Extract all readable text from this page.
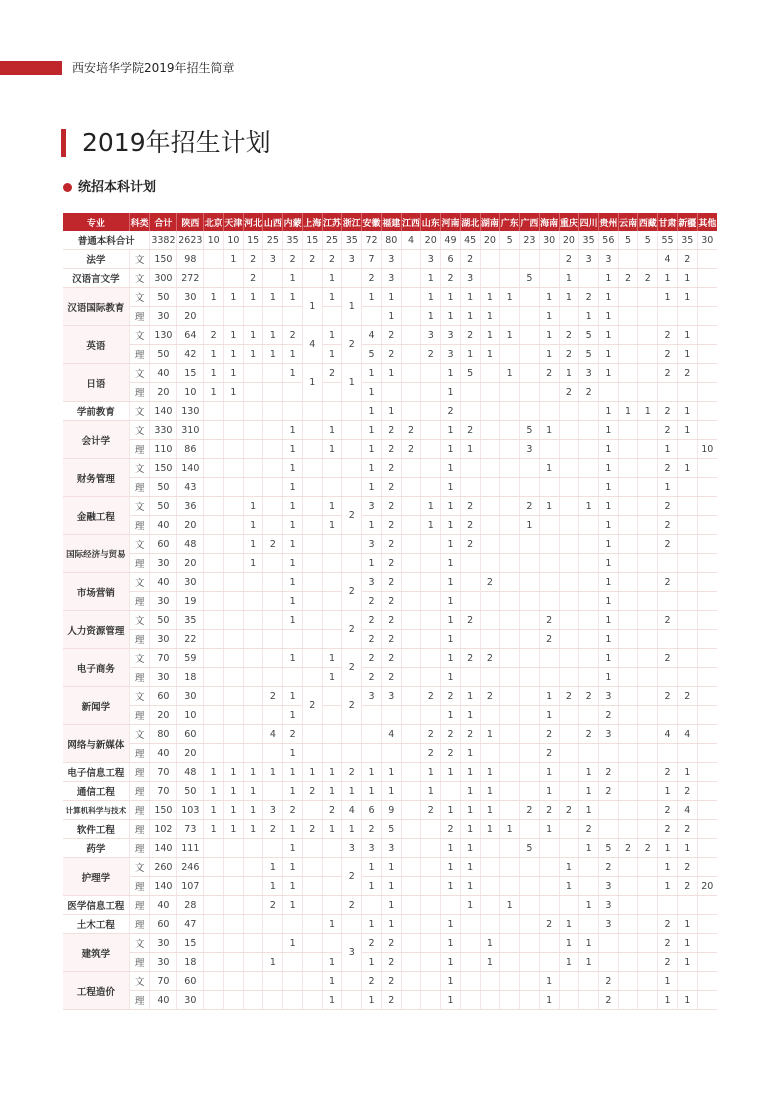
西安培华学院2019年招生简章
2019年招生计划
统招本科计划
专业	科类	合计	陕西	北京	天津	河北	山西	内蒙	上海	江苏	浙江	安徽	福建	江西	山东	河南	湖北	湖南	广东	广西	海南	重庆	四川	贵州	云南	西藏	甘肃	新疆	其他
普通本科合计		3382	2623	10	10	15	25	35	15	25	35	72	80	4	20	49	45	20	5	23	30	20	35	56	5	5	55	35	30
法学	文	150	98		1	2	3	2	2	2	3	7	3		3	6	2					2	3	3			4	2	
汉语言文学	文	300	272			2		1		1		2	3		1	2	3			5		1		1	2	2	1	1	
汉语国际教育	文	50	30	1	1	1	1	1	1	1	1	1	1		1	1	1	1	1		1	1	2	1			1	1	
	理	30	20										1		1	1	1	1			1		1	1					
英语	文	130	64	2	1	1	1	2	4	1	2	4	2		3	3	2	1	1		1	2	5	1			2	1	
	理	50	42	1	1	1	1	1		1		5	2		2	3	1	1			1	2	5	1			2	1	
日语	文	40	15	1	1			1	1	2	1	1	1			1	5		1		2	1	3	1			2	2	
	理	20	10	1	1							1				1						2	2						
学前教育	文	140	130									1	1			2								1	1	1	2	1	
会计学	文	330	310					1		1		1	2	2		1	2			5	1			1			2	1	
	理	110	86					1		1		1	2	2		1	1			3				1			1		10
财务管理	文	150	140					1				1	2			1					1			1			2	1	
	理	50	43					1				1	2			1								1			1		
金融工程	文	50	36			1		1		1	2	3	2		1	1	2			2	1		1	1			2		
	理	40	20			1		1		1		1	2		1	1	2			1				1			2		
国际经济与贸易	文	60	48			1	2	1				3	2			1	2							1			2		
	理	30	20			1		1				1	2			1								1					
市场营销	文	40	30					1			2	3	2			1		2						1			2		
	理	30	19					1				2	2			1								1					
人力资源管理	文	50	35					1			2	2	2			1	2				2			1			2		
	理	30	22									2	2			1					2			1					
电子商务	文	70	59					1		1	2	2	2			1	2	2						1			2		
	理	30	18							1		2	2			1								1					
新闻学	文	60	30				2	1	2		2	3	3		2	2	1	2			1	2	2	3			2	2	
	理	20	10					1								1	1				1			2					
网络与新媒体	文	80	60				4	2					4		2	2	2	1			2		2	3			4	4	
	理	40	20					1							2	2	1				2								
电子信息工程	理	70	48	1	1	1	1	1	1	1	2	1	1		1	1	1	1			1		1	2			2	1	
通信工程	理	70	50	1	1	1		1	2	1	1	1	1		1		1	1			1		1	2			1	2	
计算机科学与技术	理	150	103	1	1	1	3	2		2	4	6	9		2	1	1	1		2	2	2	1				2	4	
软件工程	理	102	73	1	1	1	2	1	2	1	1	2	5			2	1	1	1		1		2				2	2	
药学	理	140	111					1			3	3	3			1	1			5			1	5	2	2	1	1	
护理学	文	260	246				1	1			2	1	1			1	1					1		2			1	2	
	理	140	107				1	1				1	1			1	1					1		3			1	2	20
医学信息工程	理	40	28				2	1			2		1				1		1				1	3					
土木工程	理	60	47							1		1	1			1					2	1		3			2	1	
建筑学	文	30	15					1			3	2	2			1		1				1	1				2	1	
	理	30	18				1			1		1	2			1		1				1	1				2	1	
工程造价	文	70	60							1		2	2			1					1			2			1		
	理	40	30							1		1	2			1					1			2			1	1	
